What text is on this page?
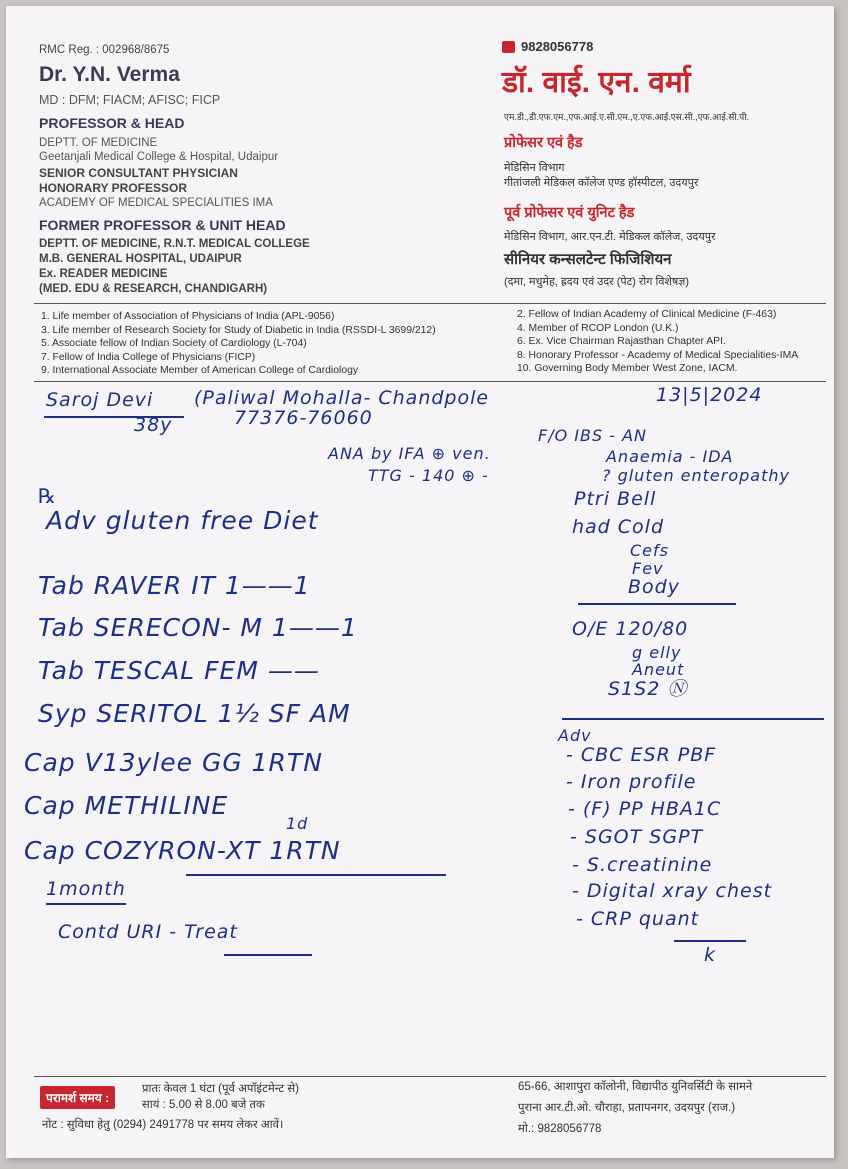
RMC Reg. : 002968/8675
Dr. Y.N. Verma
MD : DFM; FIACM; AFISC; FICP
PROFESSOR & HEAD
DEPTT. OF MEDICINE
Geetanjali Medical College & Hospital, Udaipur
SENIOR CONSULTANT PHYSICIAN
HONORARY PROFESSOR
ACADEMY OF MEDICAL SPECIALITIES IMA
FORMER PROFESSOR & UNIT HEAD
DEPTT. OF MEDICINE, R.N.T. MEDICAL COLLEGE
M.B. GENERAL HOSPITAL, UDAIPUR
Ex. READER MEDICINE
(MED. EDU & RESEARCH, CHANDIGARH)
9828056778
डॉ. वाई. एन. वर्मा
एम.डी.,डी.एफ.एम.,एफ.आई.ए.सी.एम.,ए.एफ.आई.एस.सी.,एफ.आई.सी.पी.
प्रोफेसर एवं हैड
मेडिसिन विभाग
गीतांजली मेडिकल कॉलेज एण्ड हॉस्पीटल, उदयपुर
पूर्व प्रोफेसर एवं युनिट हैड
मेडिसिन विभाग, आर.एन.टी. मेडिकल कॉलेज, उदयपुर
सीनियर कन्सलटेन्ट फिजिशियन
(दमा, मधुमेह, ह्रदय एवं उदर (पेट) रोग विशेषज्ञ)
1. Life member of Association of Physicians of India (APL-9056)
3. Life member of Research Society for Study of Diabetic in India (RSSDI-L 3699/212)
5. Associate fellow of Indian Society of Cardiology (L-704)
7. Fellow of India College of Physicians (FICP)
9. International Associate Member of American College of Cardiology
2. Fellow of Indian Academy of Clinical Medicine (F-463)
4. Member of RCOP London (U.K.)
6. Ex. Vice Chairman Rajasthan Chapter API.
8. Honorary Professor - Academy of Medical Specialities-IMA
10. Governing Body Member West Zone, IACM.
Saroj Devi
38y
(Paliwal Mohalla- Chandpole
77376-76060
13|5|2024
ANA by IFA ⊕ ven.
TTG - 140 ⊕ -
F/O IBS - AN
Anaemia - IDA
? gluten enteropathy
℞
Adv gluten free Diet
Tab RAVER IT 1——1
Tab SERECON- M 1——1
Tab TESCAL FEM ——
Syp SERITOL 1½ SF AM
Cap V13ylee GG 1RTN
Cap METHILINE
1d
Cap COZYRON-XT 1RTN
1month
Contd URI - Treat
Ptri Bell
had Cold
Cefs
Fev
Body
O/E 120/80
g elly
Aneut
S1S2 Ⓝ
Adv
- CBC ESR PBF
- Iron profile
- (F) PP HBA1C
- SGOT SGPT
- S.creatinine
- Digital xray chest
- CRP quant
k
परामर्श समय :
प्रातः केवल 1 घंटा (पूर्व अपॉइंटमेन्ट से)
सायं : 5.00 से 8.00 बजे तक
नोट : सुविधा हेतु (0294) 2491778 पर समय लेकर आवें।
65-66, आशापुरा कॉलोनी, विद्यापीठ युनिवर्सिटी के सामने
पुराना आर.टी.ओ. चौराहा, प्रतापनगर, उदयपुर (राज.)
मो.: 9828056778
